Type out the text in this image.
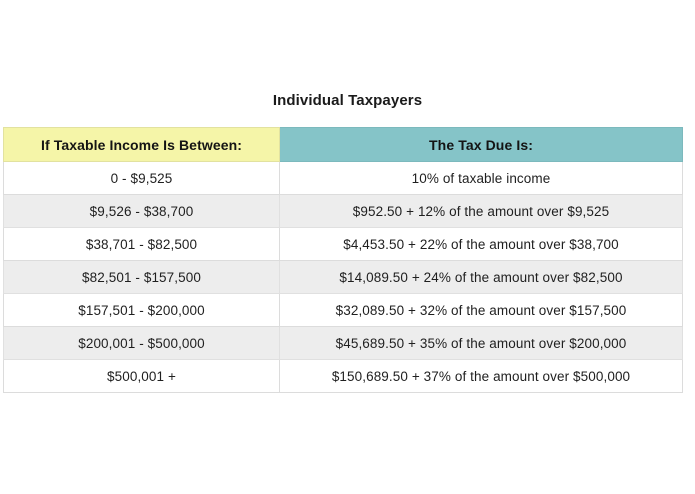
Individual Taxpayers
If Taxable Income Is Between:	The Tax Due Is:
0 - $9,525	10% of taxable income
$9,526 - $38,700	$952.50 + 12% of the amount over $9,525
$38,701 - $82,500	$4,453.50 + 22% of the amount over $38,700
$82,501 - $157,500	$14,089.50 + 24% of the amount over $82,500
$157,501 - $200,000	$32,089.50 + 32% of the amount over $157,500
$200,001 - $500,000	$45,689.50 + 35% of the amount over $200,000
$500,001 +	$150,689.50 + 37% of the amount over $500,000
